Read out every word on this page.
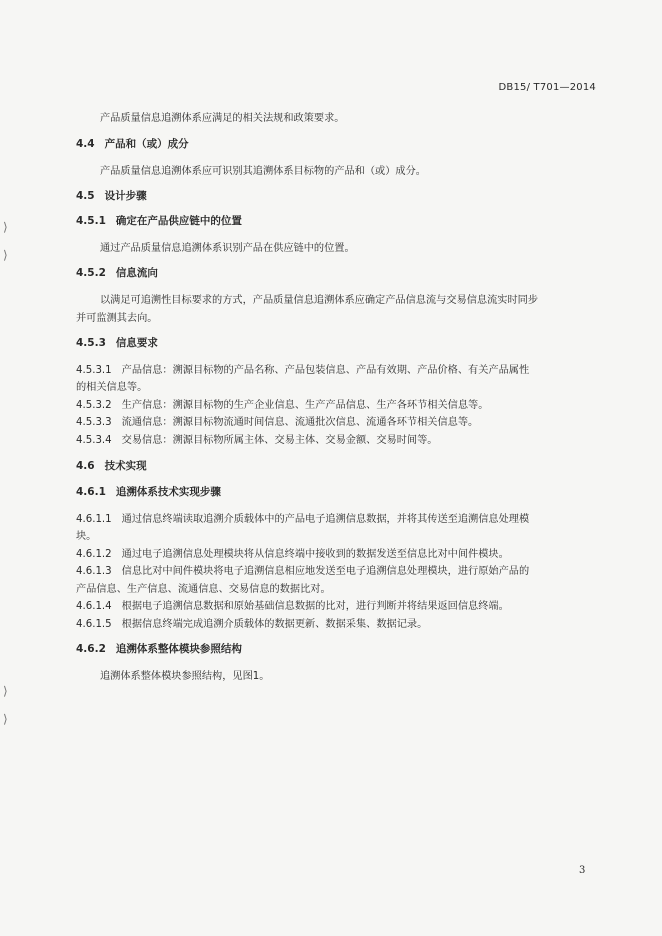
DB15/ T701—2014
产品质量信息追溯体系应满足的相关法规和政策要求。
4.4 产品和（或）成分
产品质量信息追溯体系应可识别其追溯体系目标物的产品和（或）成分。
4.5 设计步骤
4.5.1 确定在产品供应链中的位置
通过产品质量信息追溯体系识别产品在供应链中的位置。
4.5.2 信息流向
以满足可追溯性目标要求的方式，产品质量信息追溯体系应确定产品信息流与交易信息流实时同步
并可监测其去向。
4.5.3 信息要求
4.5.3.1 产品信息：溯源目标物的产品名称、产品包装信息、产品有效期、产品价格、有关产品属性
的相关信息等。
4.5.3.2 生产信息：溯源目标物的生产企业信息、生产产品信息、生产各环节相关信息等。
4.5.3.3 流通信息：溯源目标物流通时间信息、流通批次信息、流通各环节相关信息等。
4.5.3.4 交易信息：溯源目标物所属主体、交易主体、交易金额、交易时间等。
4.6 技术实现
4.6.1 追溯体系技术实现步骤
4.6.1.1 通过信息终端读取追溯介质载体中的产品电子追溯信息数据，并将其传送至追溯信息处理模
块。
4.6.1.2 通过电子追溯信息处理模块将从信息终端中接收到的数据发送至信息比对中间件模块。
4.6.1.3 信息比对中间件模块将电子追溯信息相应地发送至电子追溯信息处理模块，进行原始产品的
产品信息、生产信息、流通信息、交易信息的数据比对。
4.6.1.4 根据电子追溯信息数据和原始基础信息数据的比对，进行判断并将结果返回信息终端。
4.6.1.5 根据信息终端完成追溯介质载体的数据更新、数据采集、数据记录。
4.6.2 追溯体系整体模块参照结构
追溯体系整体模块参照结构，见图1。
3
⟩
⟩
⟩
⟩
